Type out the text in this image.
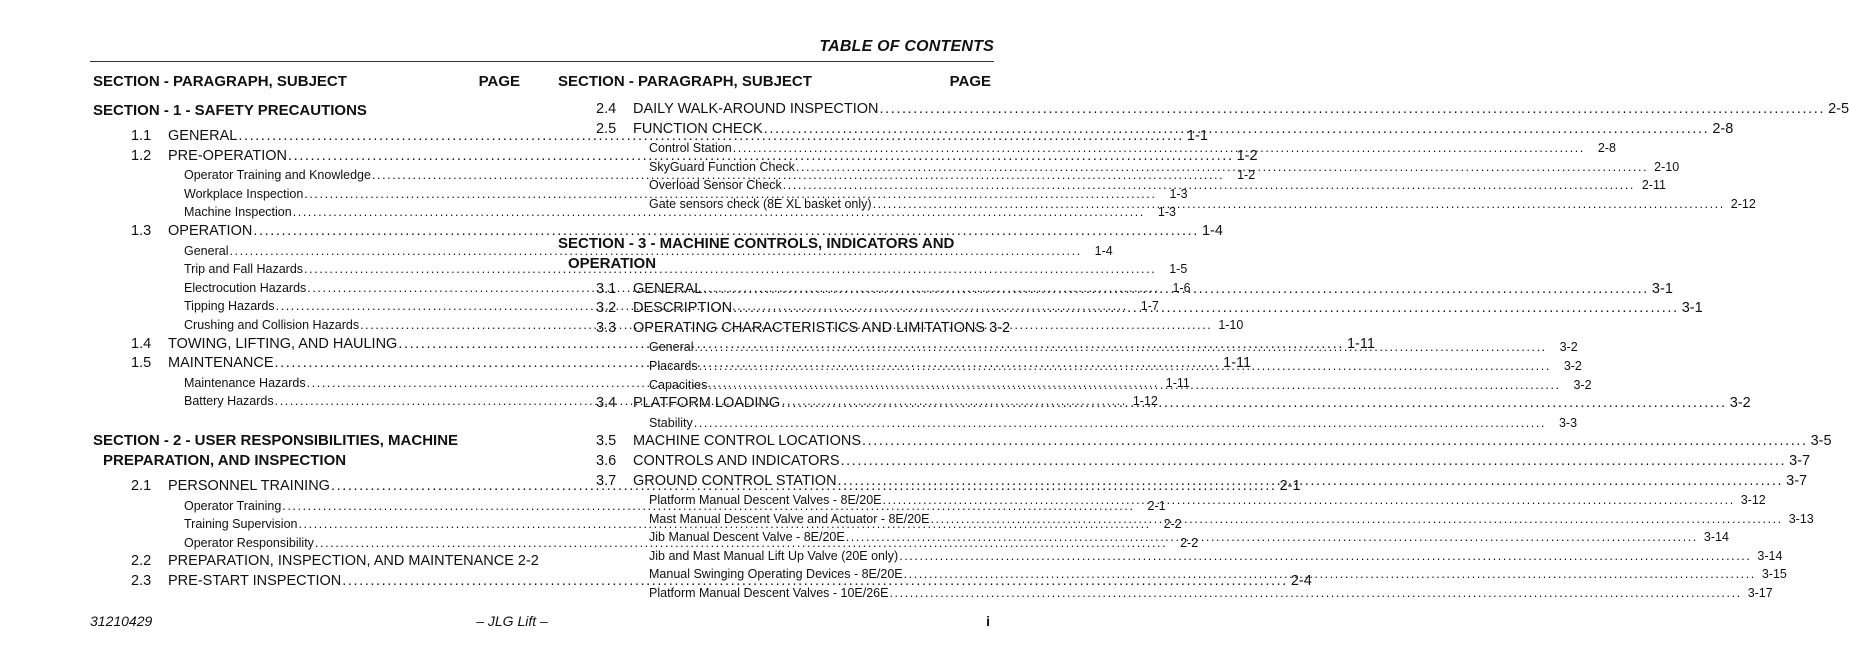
TABLE OF CONTENTS
SECTION - PARAGRAPH, SUBJECT	PAGE
SECTION - 1 - SAFETY PRECAUTIONS
1.1	GENERAL .....	1-1
1.2	PRE-OPERATION .....	1-2
Operator Training and Knowledge .....	1-2
Workplace Inspection .....	1-3
Machine Inspection .....	1-3
1.3	OPERATION .....	1-4
General .....	1-4
Trip and Fall Hazards .....	1-5
Electrocution Hazards .....	1-6
Tipping Hazards .....	1-7
Crushing and Collision Hazards .....	1-10
1.4	TOWING, LIFTING, AND HAULING .....	1-11
1.5	MAINTENANCE .....	1-11
Maintenance Hazards .....	1-11
Battery Hazards .....	1-12
SECTION - 2 - USER RESPONSIBILITIES, MACHINE
PREPARATION, AND INSPECTION
2.1	PERSONNEL TRAINING .....	2-1
Operator Training .....	2-1
Training Supervision .....	2-2
Operator Responsibility .....	2-2
2.2	PREPARATION, INSPECTION, AND MAINTENANCE 2-2
2.3	PRE-START INSPECTION .....	2-4
SECTION - PARAGRAPH, SUBJECT	PAGE
2.4	DAILY WALK-AROUND INSPECTION .....	2-5
2.5	FUNCTION CHECK .....	2-8
Control Station .....	2-8
SkyGuard Function Check .....	2-10
Overload Sensor Check .....	2-11
Gate sensors check (8E XL basket only) .....	2-12
SECTION - 3 - MACHINE CONTROLS, INDICATORS AND
OPERATION
3.1	GENERAL .....	3-1
3.2	DESCRIPTION .....	3-1
3.3	OPERATING CHARACTERISTICS AND LIMITATIONS 3-2
General .....	3-2
Placards .....	3-2
Capacities .....	3-2
3.4	PLATFORM LOADING .....	3-2
Stability .....	3-3
3.5	MACHINE CONTROL LOCATIONS .....	3-5
3.6	CONTROLS AND INDICATORS .....	3-7
3.7	GROUND CONTROL STATION .....	3-7
Platform Manual Descent Valves - 8E/20E .....	3-12
Mast Manual Descent Valve and Actuator - 8E/20E .....	3-13
Jib Manual Descent Valve - 8E/20E .....	3-14
Jib and Mast Manual Lift Up Valve (20E only) .....	3-14
Manual Swinging Operating Devices - 8E/20E .....	3-15
Platform Manual Descent Valves - 10E/26E .....	3-17
31210429	– JLG Lift –	i
